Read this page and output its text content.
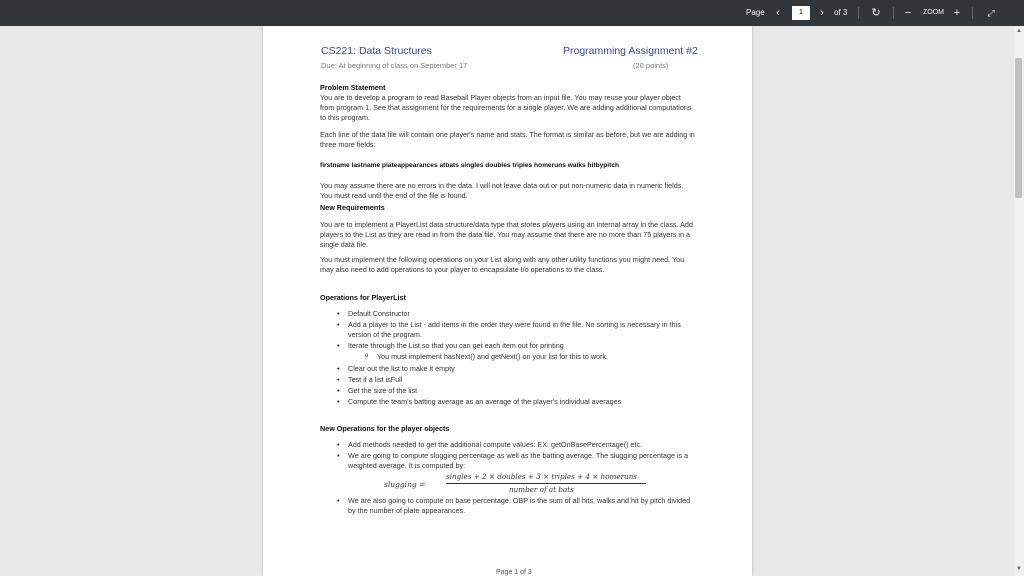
Page ‹	1	›	of 3 ↻ − ZOOM +	⤢
CS221: Data Structures	Programming Assignment #2
Due: At beginning of class on September 17	(20 points)
Problem Statement
You are to develop a program to read Baseball Player objects from an input file. You may reuse your player object from program 1. See that assignment for the requirements for a single player. We are adding additional computations to this program.
Each line of the data file will contain one player's name and stats. The format is similar as before, but we are adding in three more fields:
firstname lastname plateappearances atbats singles doubles triples homeruns walks hitbypitch
You may assume there are no errors in the data. I will not leave data out or put non-numeric data in numeric fields. You must read until the end of the file is found.
New Requirements
You are to implement a PlayerList data structure/data type that stores players using an internal array in the class. Add players to the List as they are read in from the data file. You may assume that there are no more than 75 players in a single data file.
You must implement the following operations on your List along with any other utility functions you might need. You may also need to add operations to your player to encapsulate I/o operations to the class.
Operations for PlayerList
• Default Constructor
• Add a player to the List - add items in the order they were found in the file. No sorting is necessary in this version of the program.
• Iterate through the List so that you can get each item out for printing
o You must implement hasNext() and getNext() on your list for this to work.
• Clear out the list to make it empty
• Test if a list isFull
• Get the size of the list
• Compute the team's batting average as an average of the player's individual averages
New Operations for the player objects
• Add methods needed to get the additional compute values: EX: getOnBasePercentage() etc.
• We are going to compute slugging percentage as well as the batting average. The slugging percentage is a weighted average. It is computed by:
slugging =
singles + 2 × doubles + 3 × triples + 4 × homeruns
number of at bats
• We are also going to compute on base percentage. OBP is the sum of all hits, walks and hit by pitch divided by the number of plate appearances.
Page 1 of 3
▲
▼
